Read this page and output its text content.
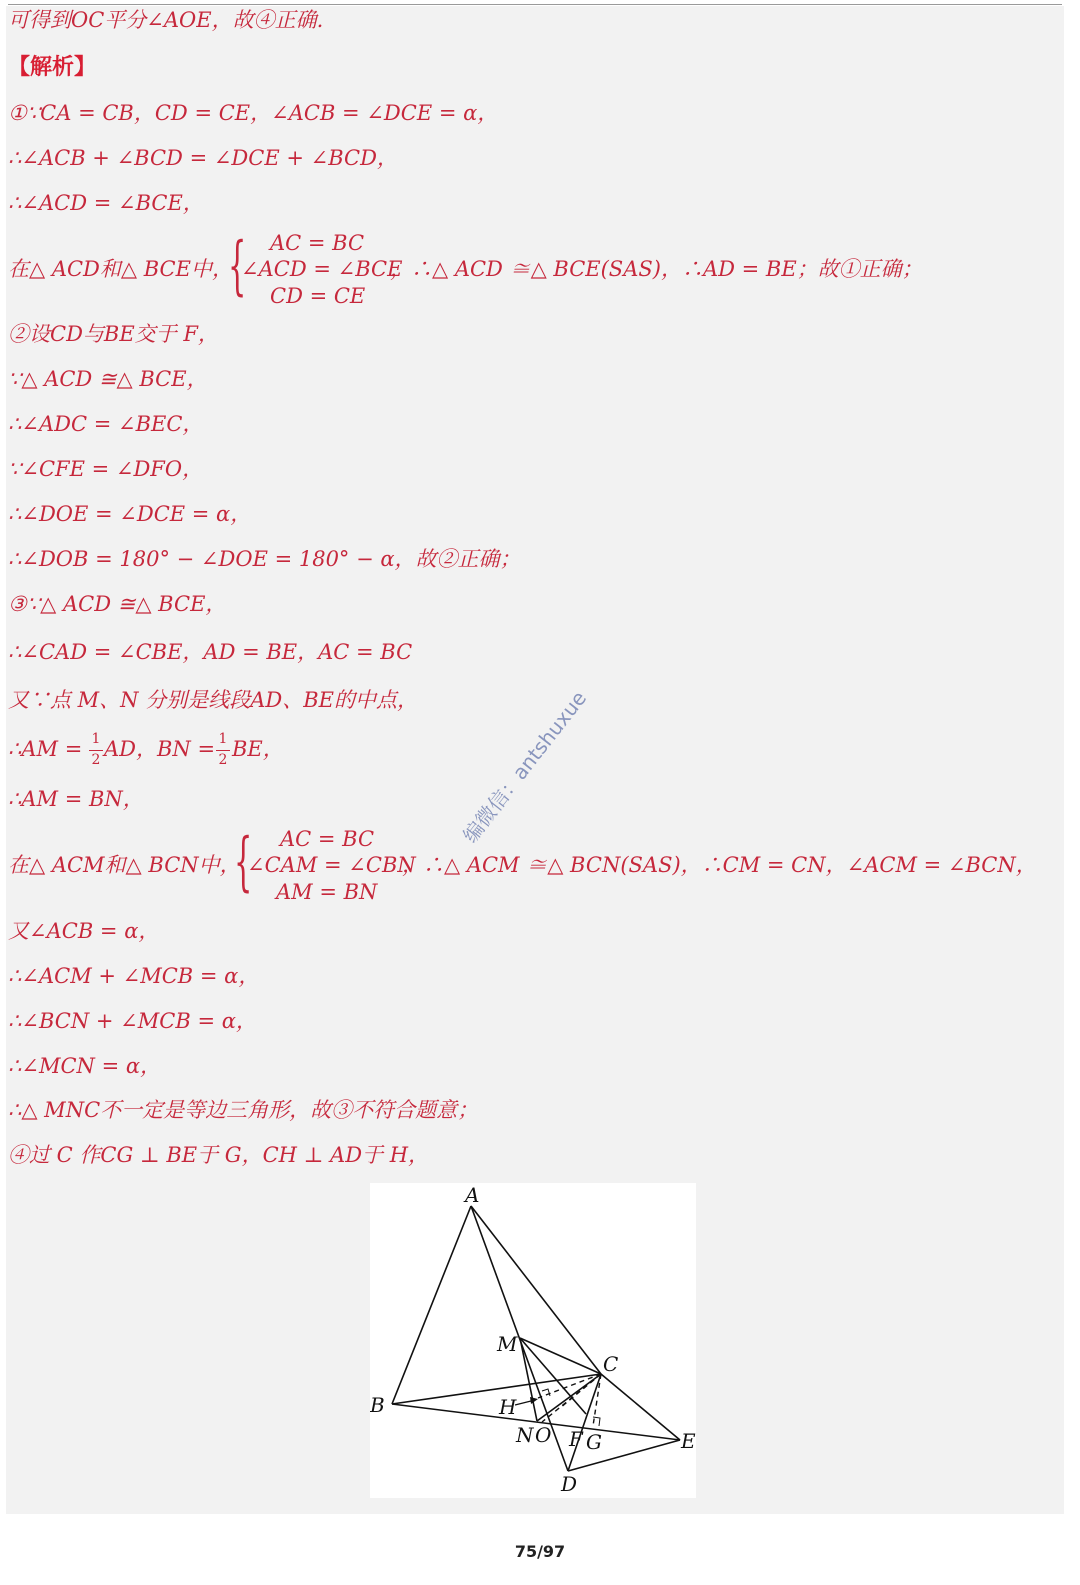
可得到OC平分∠AOE，故④正确.
【解析】
①∵CA = CB，CD = CE，∠ACB = ∠DCE = α，
∴∠ACB + ∠BCD = ∠DCE + ∠BCD，
∴∠ACD = ∠BCE，
在△ ACD和△ BCE中，
{ AC = BC
∠ACD = ∠BCE
CD = CE
，∴△ ACD ≅△ BCE(SAS)，∴AD = BE；故①正确；
②设CD与BE交于 F，
∵△ ACD ≅△ BCE，
∴∠ADC = ∠BEC，
∵∠CFE = ∠DFO，
∴∠DOE = ∠DCE = α，
∴∠DOB = 180° − ∠DOE = 180° − α，故②正确；
③∵△ ACD ≅△ BCE，
∴∠CAD = ∠CBE，AD = BE，AC = BC
又∵点 M、N 分别是线段AD、BE的中点，
∴AM = 1
2 AD，BN = 1
2 BE，
∴AM = BN，
在△ ACM和△ BCN中，
{ AC = BC
∠CAM = ∠CBN
AM = BN
，∴△ ACM ≅△ BCN(SAS)，∴CM = CN，∠ACM = ∠BCN，
又∠ACB = α，
∴∠ACM + ∠MCB = α，
∴∠BCN + ∠MCB = α，
∴∠MCN = α，
∴△ MNC不一定是等边三角形，故③不符合题意；
④过 C 作CG ⊥ BE于 G，CH ⊥ AD于 H，
编微信：antshuxue
A
B
C
D
E
M
H
N O F G
75/97
